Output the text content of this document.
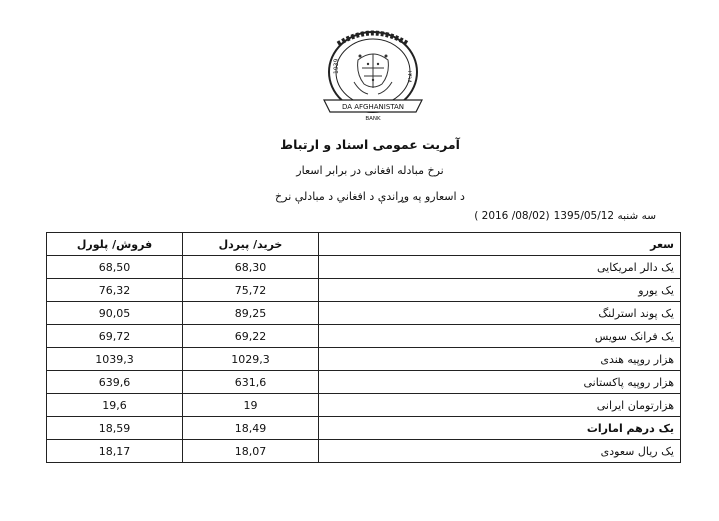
1939
۱۳۱۸
DA AFGHANISTAN
BANK
آمریت عمومی اسناد و ارتباط
نرخ مبادله افغانی در برابر اسعار
د اسعارو په وړاندې د افغاني د مبادلې نرخ
( 2016 /08/02) سه شنبه 1395/05/12
فروش/ پلورل	خرید/ پیردل	سعر
68,50	68,30	یک دالر امریکایی
76,32	75,72	یک یورو
90,05	89,25	یک پوند استرلنگ
69,72	69,22	یک فرانک سویس
1039,3	1029,3	هزار روپیه هندی
639,6	631,6	هزار روپیه پاکستانی
19,6	19	هزارتومان ایرانی
18,59	18,49	یک درهم امارات
18,17	18,07	یک ریال سعودی
